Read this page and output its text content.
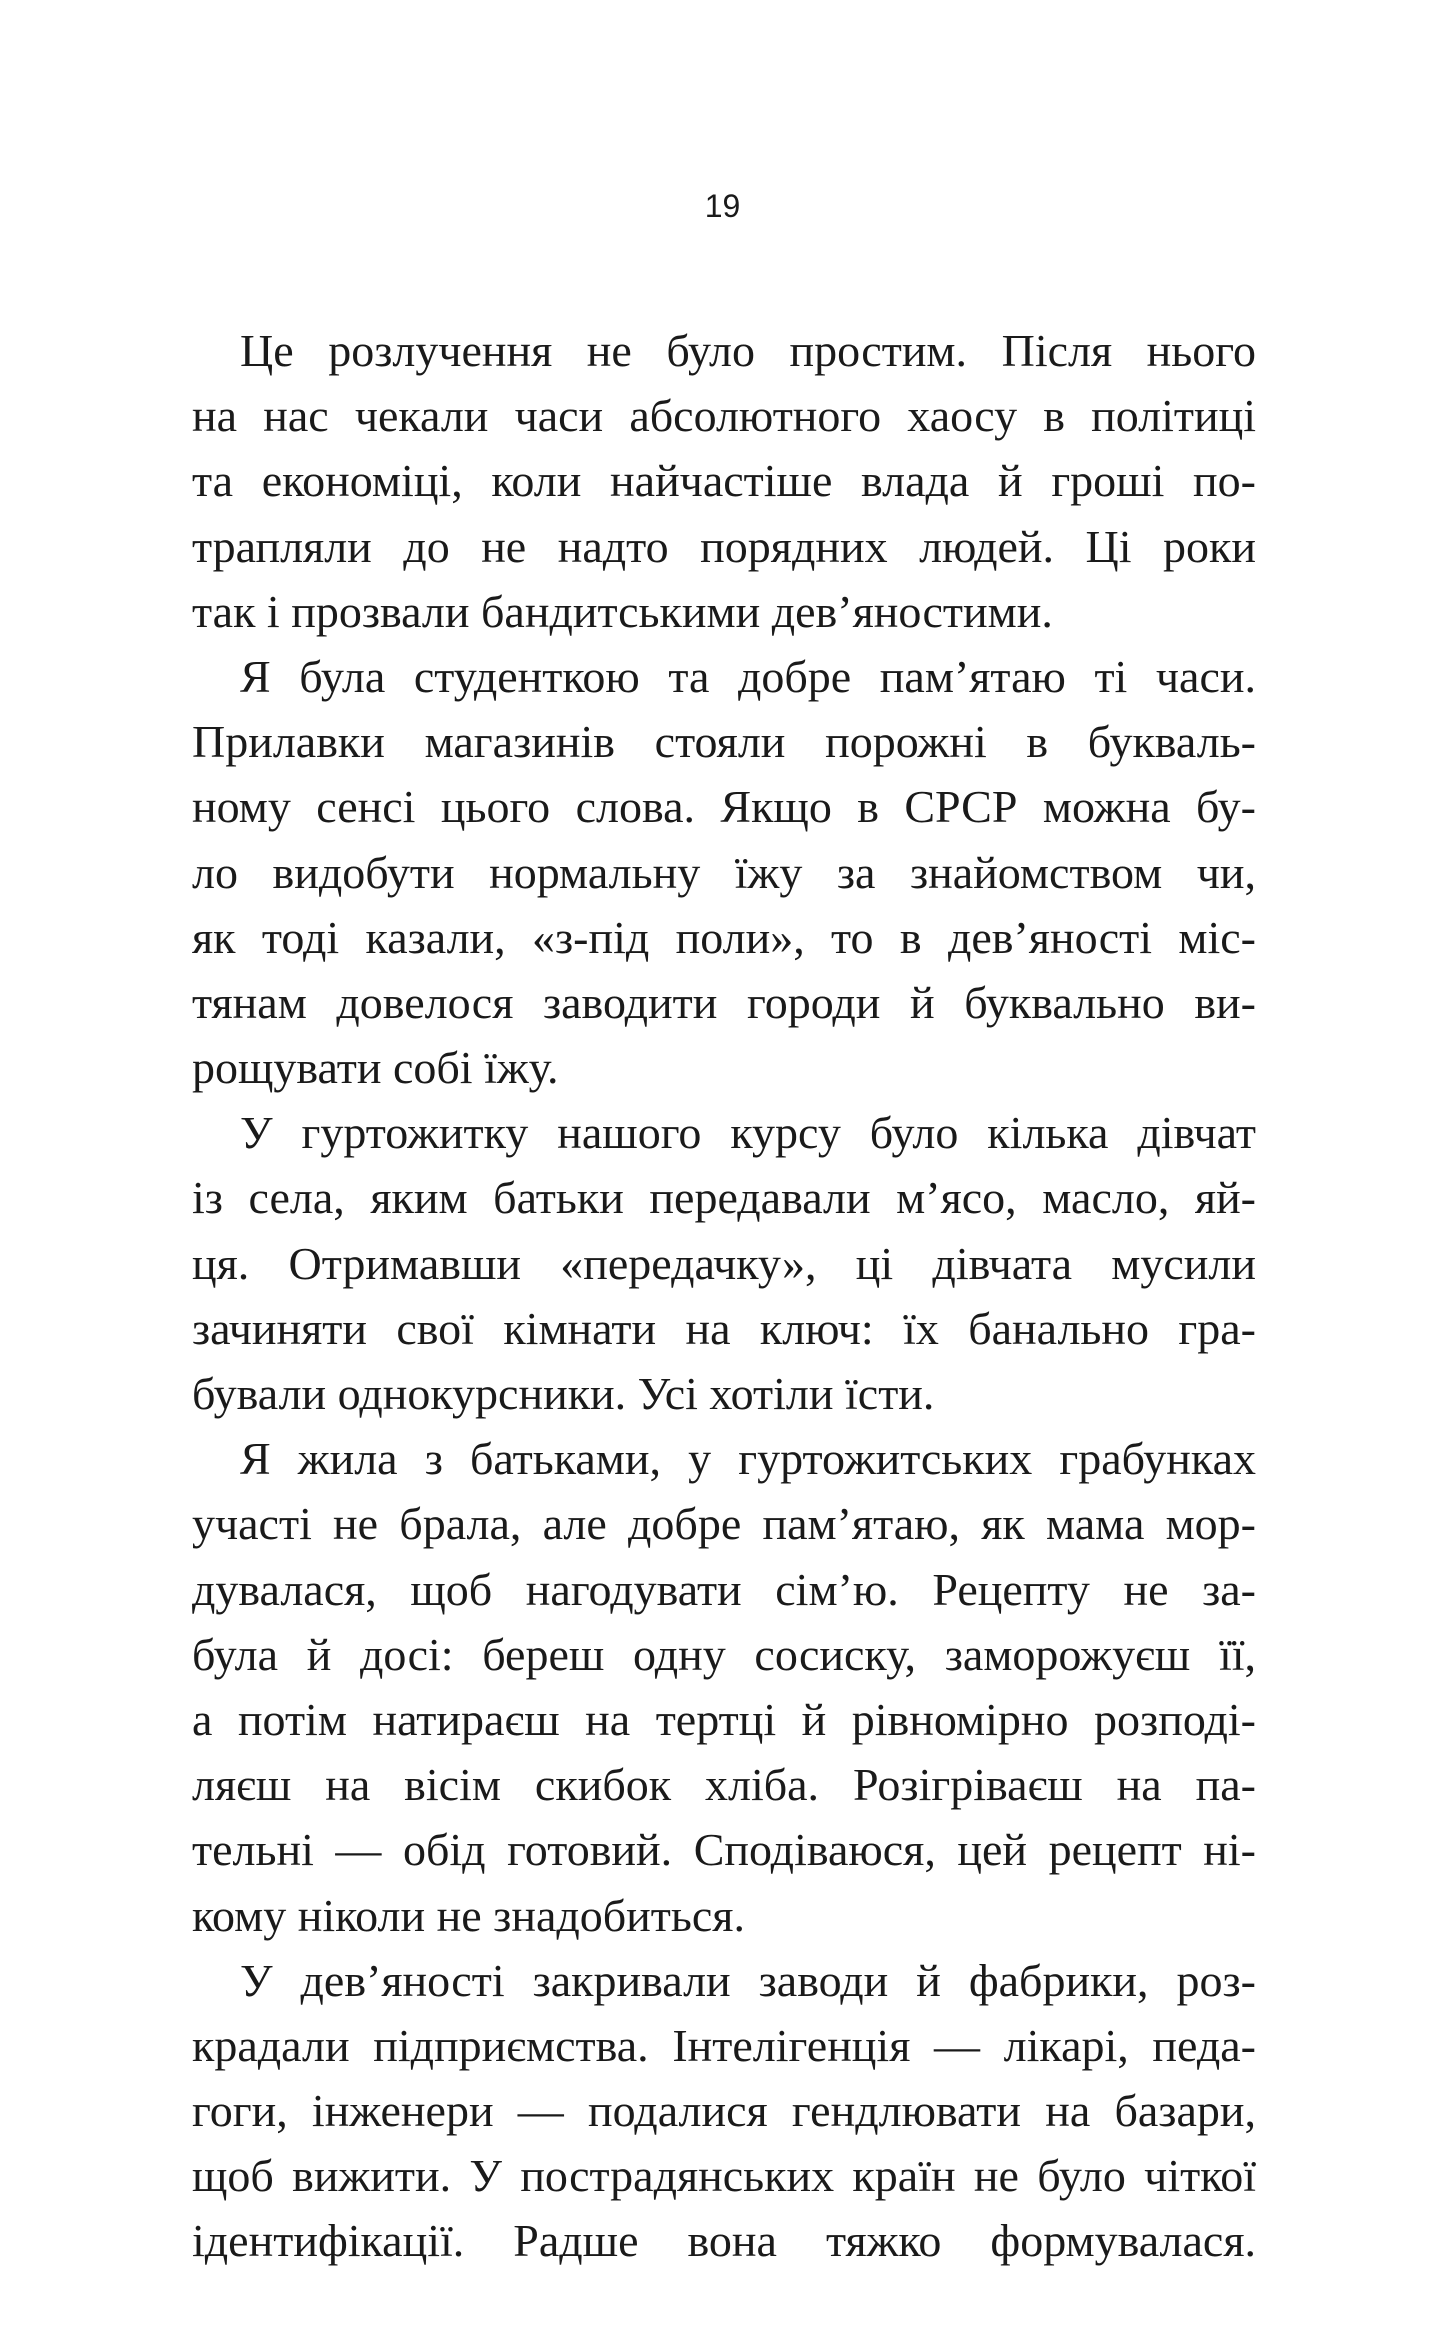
19
Це розлучення не було простим. Після нього
на нас чекали часи абсолютного хаосу в політиці
та економіці, коли найчастіше влада й гроші по-
трапляли до не надто порядних людей. Ці роки
так і прозвали бандитськими дев’яностими.
Я була студенткою та добре пам’ятаю ті часи.
Прилавки магазинів стояли порожні в букваль-
ному сенсі цього слова. Якщо в СРСР можна бу-
ло видобути нормальну їжу за знайомством чи,
як тоді казали, «з-під поли», то в дев’яності міс-
тянам довелося заводити городи й буквально ви-
рощувати собі їжу.
У гуртожитку нашого курсу було кілька дівчат
із села, яким батьки передавали м’ясо, масло, яй-
ця. Отримавши «передачку», ці дівчата мусили
зачиняти свої кімнати на ключ: їх банально гра-
бували однокурсники. Усі хотіли їсти.
Я жила з батьками, у гуртожитських грабунках
участі не брала, але добре пам’ятаю, як мама мор-
дувалася, щоб нагодувати сім’ю. Рецепту не за-
була й досі: береш одну сосиску, заморожуєш її,
а потім натираєш на тертці й рівномірно розподі-
ляєш на вісім скибок хліба. Розігріваєш на па-
тельні — обід готовий. Сподіваюся, цей рецепт ні-
кому ніколи не знадобиться.
У дев’яності закривали заводи й фабрики, роз-
крадали підприємства. Інтелігенція — лікарі, педа-
гоги, інженери — подалися гендлювати на базари,
щоб вижити. У пострадянських країн не було чіткої
ідентифікації. Радше вона тяжко формувалася.
